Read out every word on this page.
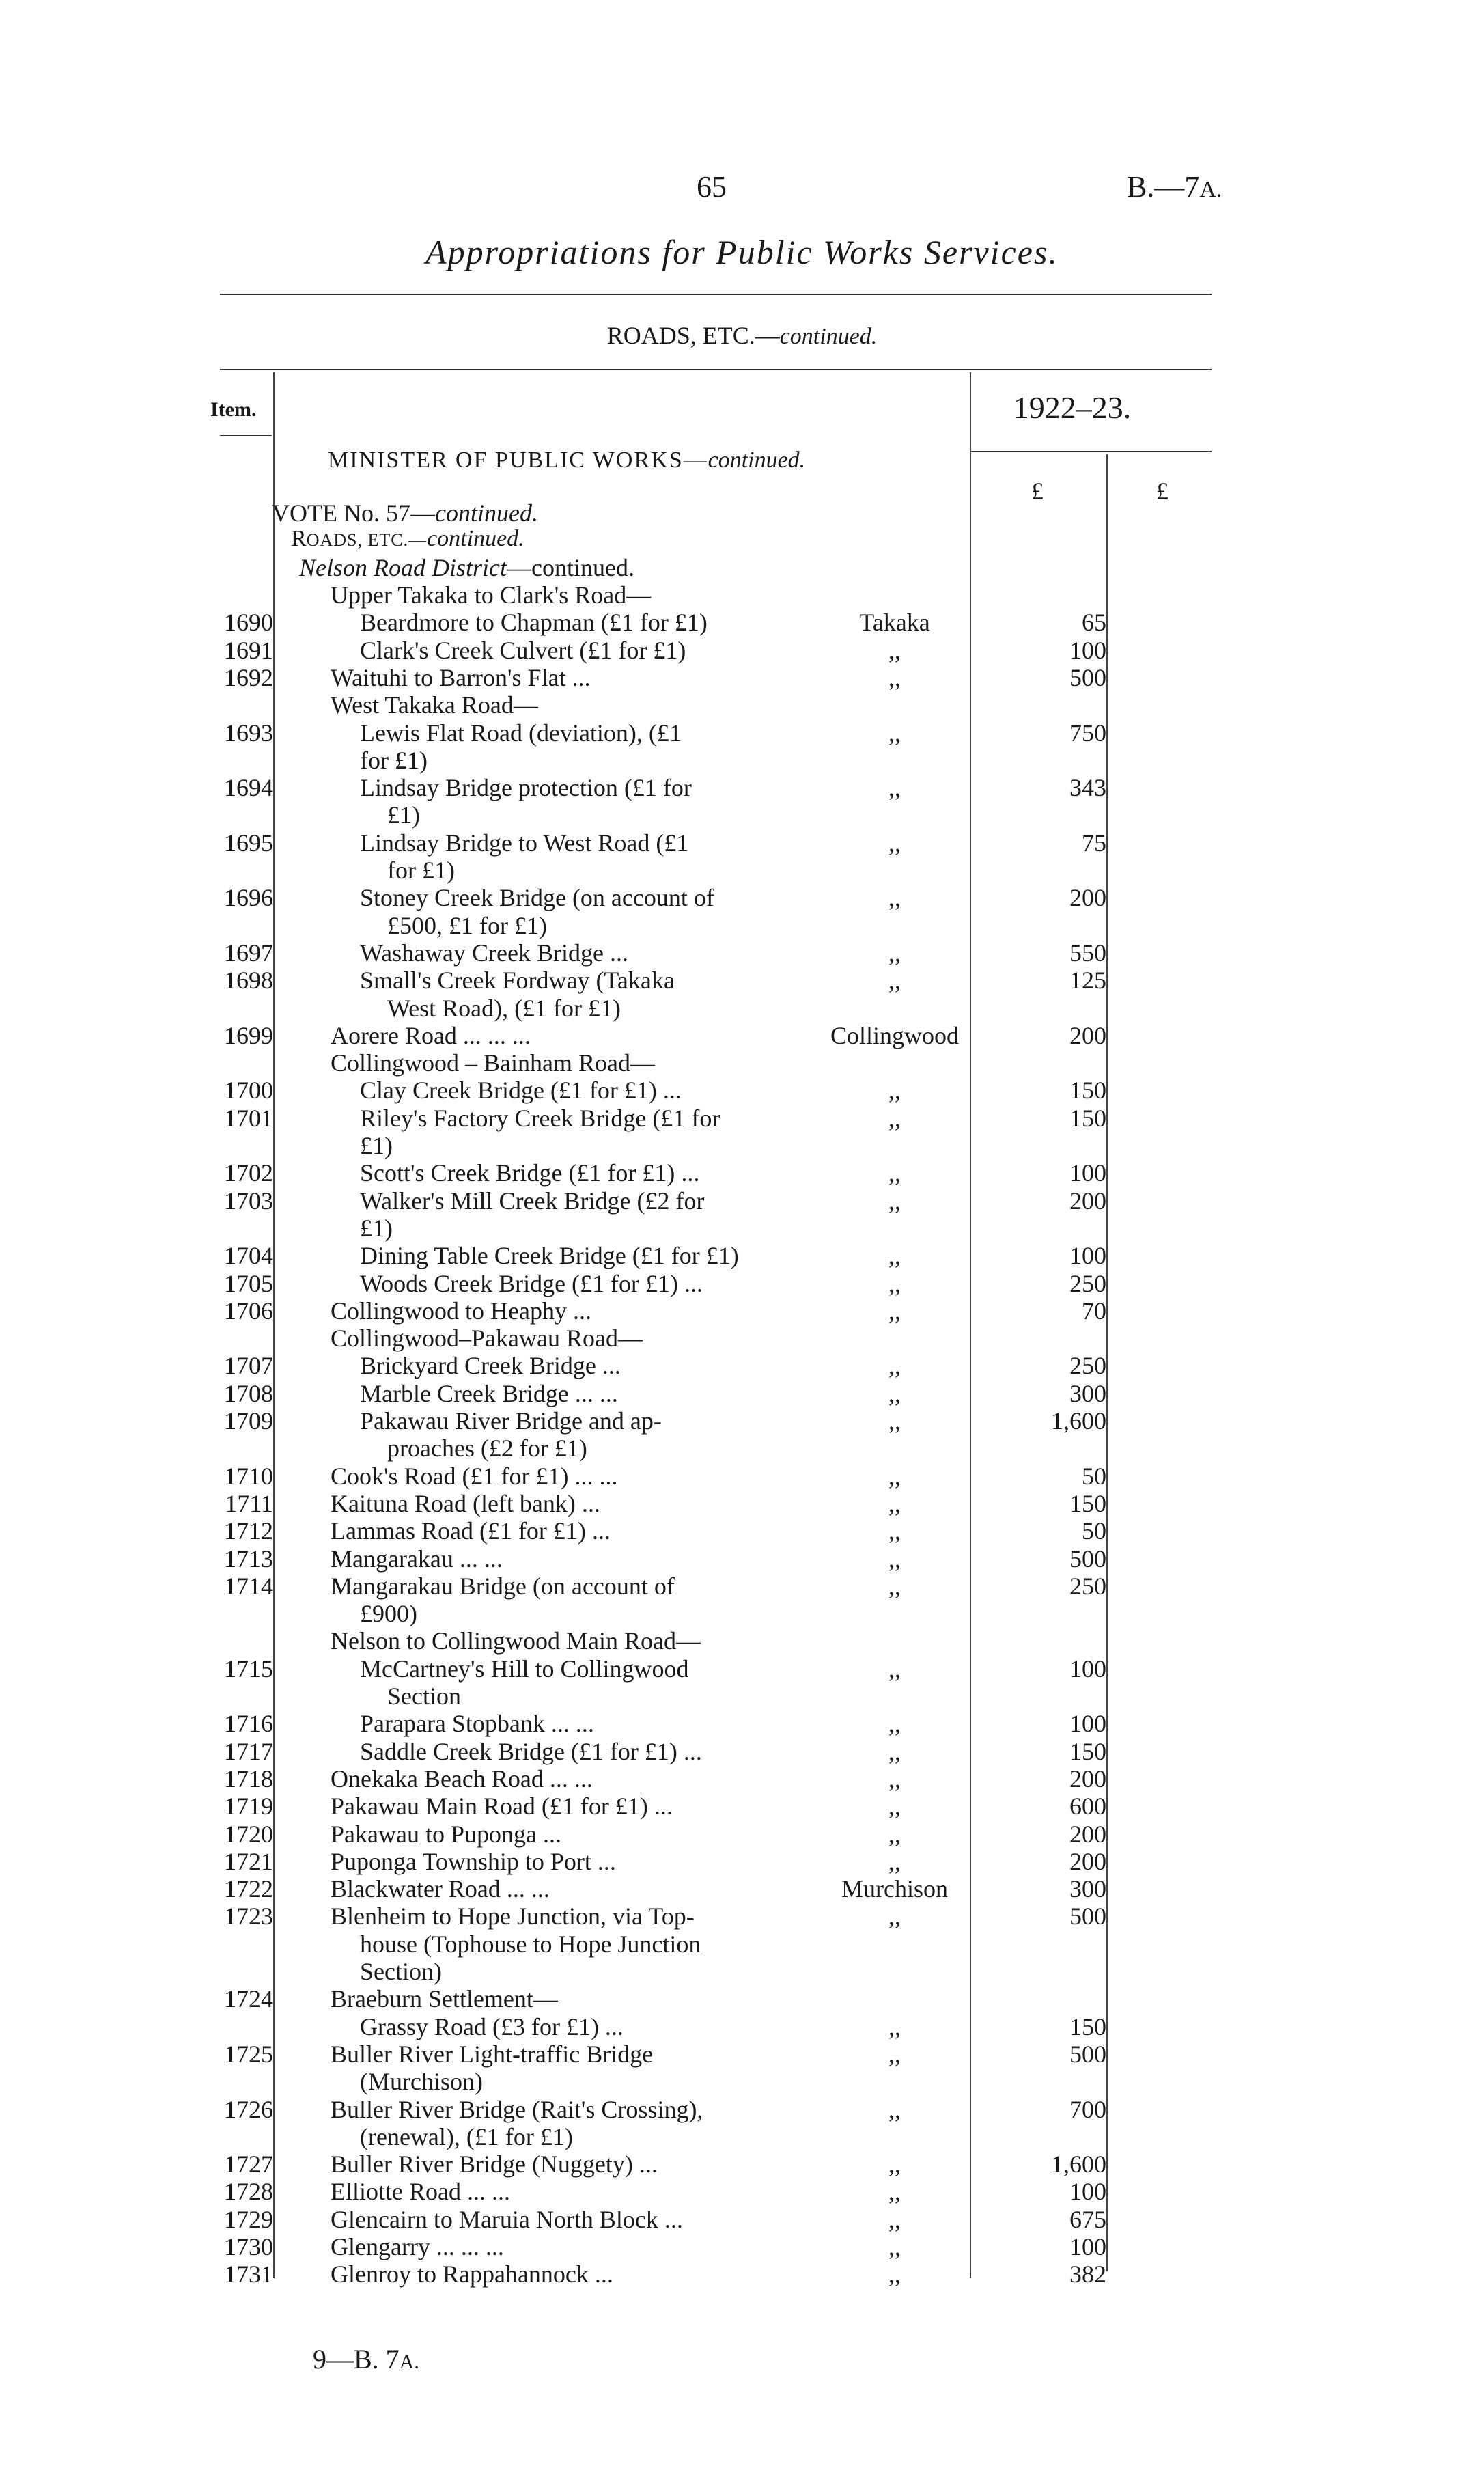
65	B.—7A.
Appropriations for Public Works Services.
ROADS, ETC.—continued.
Item.	1922–23.
£	£
MINISTER OF PUBLIC WORKS—continued.
VOTE No. 57—continued.
ROADS, ETC.—continued.
Nelson Road District—continued.
Upper Takaka to Clark's Road—
1690	Beardmore to Chapman (£1 for £1)	Takaka	65
1691	Clark's Creek Culvert (£1 for £1)	,,	100
1692 Waituhi to Barron's Flat ...	,,	500
West Takaka Road—
1693	Lewis Flat Road (deviation), (£1	,,	750
for £1)
1694	Lindsay Bridge protection (£1 for	,,	343
£1)
1695	Lindsay Bridge to West Road (£1	,,	75
for £1)
1696	Stoney Creek Bridge (on account of	,,	200
£500, £1 for £1)
1697	Washaway Creek Bridge ...	,,	550
1698	Small's Creek Fordway (Takaka	,,	125
West Road), (£1 for £1)
1699 Aorere Road ... ... ...	Collingwood	200
Collingwood – Bainham Road—
1700	Clay Creek Bridge (£1 for £1) ...	,,	150
1701	Riley's Factory Creek Bridge (£1 for	,,	150
£1)
1702	Scott's Creek Bridge (£1 for £1) ...	,,	100
1703	Walker's Mill Creek Bridge (£2 for	,,	200
£1)
1704	Dining Table Creek Bridge (£1 for £1)	,,	100
1705	Woods Creek Bridge (£1 for £1) ...	,,	250
1706 Collingwood to Heaphy ...	,,	70
Collingwood–Pakawau Road—
1707	Brickyard Creek Bridge ...	,,	250
1708	Marble Creek Bridge ... ...	,,	300
1709	Pakawau River Bridge and ap-	,,	1,600
proaches (£2 for £1)
1710 Cook's Road (£1 for £1) ... ...	,,	50
1711 Kaituna Road (left bank) ...	,,	150
1712 Lammas Road (£1 for £1) ...	,,	50
1713 Mangarakau ... ...	,,	500
1714 Mangarakau Bridge (on account of	,,	250
£900)
Nelson to Collingwood Main Road—
1715	McCartney's Hill to Collingwood	,,	100
Section
1716	Parapara Stopbank ... ...	,,	100
1717	Saddle Creek Bridge (£1 for £1) ...	,,	150
1718 Onekaka Beach Road ... ...	,,	200
1719 Pakawau Main Road (£1 for £1) ...	,,	600
1720 Pakawau to Puponga ...	,,	200
1721 Puponga Township to Port ...	,,	200
1722 Blackwater Road ... ...	Murchison	300
1723 Blenheim to Hope Junction, via Top-	,,	500
house (Tophouse to Hope Junction
Section)
1724 Braeburn Settlement—
Grassy Road (£3 for £1) ...	,,	150
1725 Buller River Light-traffic Bridge	,,	500
(Murchison)
1726 Buller River Bridge (Rait's Crossing),	,,	700
(renewal), (£1 for £1)
1727 Buller River Bridge (Nuggety) ...	,,	1,600
1728 Elliotte Road ... ...	,,	100
1729 Glencairn to Maruia North Block ...	,,	675
1730 Glengarry ... ... ...	,,	100
1731 Glenroy to Rappahannock ...	,,	382
9—B. 7A.
